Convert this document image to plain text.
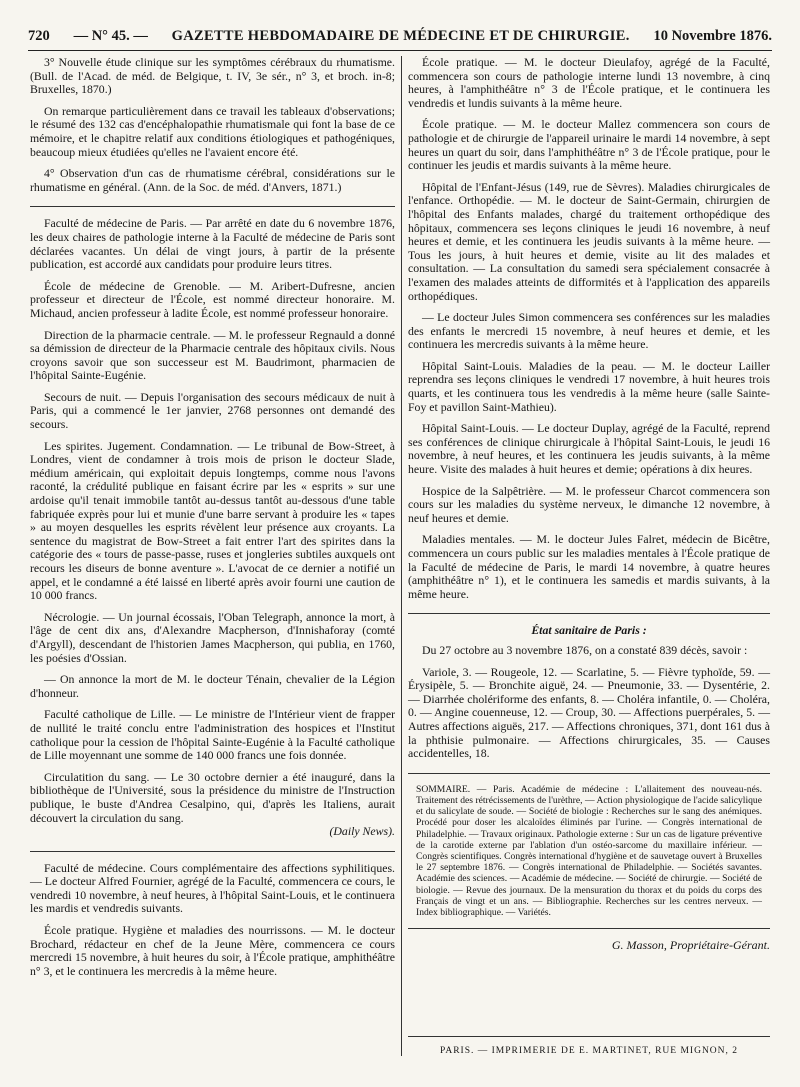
720 — N° 45. — GAZETTE HEBDOMADAIRE DE MÉDECINE ET DE CHIRURGIE. 10 Novembre 1876.

3° Nouvelle étude clinique sur les symptômes cérébraux du rhumatisme. (Bull. de l'Acad. de méd. de Belgique, t. IV, 3e sér., n° 3, et broch. in-8; Bruxelles, 1870.)

On remarque particulièrement dans ce travail les tableaux d'observations; le résumé des 132 cas d'encéphalopathie rhumatismale qui font la base de ce mémoire, et le chapitre relatif aux conditions étiologiques et pathogéniques, beaucoup mieux étudiées qu'elles ne l'avaient encore été.

4° Observation d'un cas de rhumatisme cérébral, considérations sur le rhumatisme en général. (Ann. de la Soc. de méd. d'Anvers, 1871.)

Faculté de médecine de Paris. — Par arrêté en date du 6 novembre 1876, les deux chaires de pathologie interne à la Faculté de médecine de Paris sont déclarées vacantes. Un délai de vingt jours, à partir de la présente publication, est accordé aux candidats pour produire leurs titres.

École de médecine de Grenoble. — M. Aribert-Dufresne, ancien professeur et directeur de l'École, est nommé directeur honoraire. M. Michaud, ancien professeur à ladite École, est nommé professeur honoraire.

Direction de la pharmacie centrale. — M. le professeur Regnauld a donné sa démission de directeur de la Pharmacie centrale des hôpitaux civils. Nous croyons savoir que son successeur est M. Baudrimont, pharmacien de l'hôpital Sainte-Eugénie.

Secours de nuit. — Depuis l'organisation des secours médicaux de nuit à Paris, qui a commencé le 1er janvier, 2768 personnes ont demandé des secours.

Les spirites. Jugement. Condamnation. — Le tribunal de Bow-Street, à Londres, vient de condamner à trois mois de prison le docteur Slade, médium américain, qui exploitait depuis longtemps, comme nous l'avons raconté, la crédulité publique en faisant écrire par les « esprits » sur une ardoise qu'il tenait immobile tantôt au-dessus tantôt au-dessous d'une table fabriquée exprès pour lui et munie d'une barre servant à produire les « tapes » au moyen desquelles les esprits révèlent leur présence aux croyants. La sentence du magistrat de Bow-Street a fait entrer l'art des spirites dans la catégorie des « tours de passe-passe, ruses et jongleries subtiles auxquels ont recours les diseurs de bonne aventure ». L'avocat de ce dernier a notifié un appel, et le condamné a été laissé en liberté après avoir fourni une caution de 10 000 francs.

Nécrologie. — Un journal écossais, l'Oban Telegraph, annonce la mort, à l'âge de cent dix ans, d'Alexandre Macpherson, d'Innishaforay (comté d'Argyll), descendant de l'historien James Macpherson, qui publia, en 1760, les poésies d'Ossian.

— On annonce la mort de M. le docteur Ténain, chevalier de la Légion d'honneur.

Faculté catholique de Lille. — Le ministre de l'Intérieur vient de frapper de nullité le traité conclu entre l'administration des hospices et l'Institut catholique pour la cession de l'hôpital Sainte-Eugénie à la Faculté catholique de Lille moyennant une somme de 140 000 francs une fois donnée.

Circulatition du sang. — Le 30 octobre dernier a été inauguré, dans la bibliothèque de l'Université, sous la présidence du ministre de l'Instruction publique, le buste d'Andrea Cesalpino, qui, d'après les Italiens, aurait découvert la circulation du sang.

(Daily News).

Faculté de médecine. Cours complémentaire des affections syphilitiques. — Le docteur Alfred Fournier, agrégé de la Faculté, commencera ce cours, le vendredi 10 novembre, à neuf heures, à l'hôpital Saint-Louis, et le continuera les mardis et vendredis suivants.

École pratique. Hygiène et maladies des nourrissons. — M. le docteur Brochard, rédacteur en chef de la Jeune Mère, commencera ce cours mercredi 15 novembre, à huit heures du soir, à l'École pratique, amphithéâtre n° 3, et le continuera les mercredis à la même heure.

École pratique. — M. le docteur Dieulafoy, agrégé de la Faculté, commencera son cours de pathologie interne lundi 13 novembre, à cinq heures, à l'amphithéâtre n° 3 de l'École pratique, et le continuera les vendredis et lundis suivants à la même heure.

École pratique. — M. le docteur Mallez commencera son cours de pathologie et de chirurgie de l'appareil urinaire le mardi 14 novembre, à sept heures un quart du soir, dans l'amphithéâtre n° 3 de l'École pratique, pour le continuer les jeudis et mardis suivants à la même heure.

Hôpital de l'Enfant-Jésus (149, rue de Sèvres). Maladies chirurgicales de l'enfance. Orthopédie. — M. le docteur de Saint-Germain, chirurgien de l'hôpital des Enfants malades, chargé du traitement orthopédique des hôpitaux, commencera ses leçons cliniques le jeudi 16 novembre, à neuf heures et demie, et les continuera les jeudis suivants à la même heure. — Tous les jours, à huit heures et demie, visite au lit des malades et consultation. — La consultation du samedi sera spécialement consacrée à l'examen des malades atteints de difformités et à l'application des appareils orthopédiques.

— Le docteur Jules Simon commencera ses conférences sur les maladies des enfants le mercredi 15 novembre, à neuf heures et demie, et les continuera les mercredis suivants à la même heure.

Hôpital Saint-Louis. Maladies de la peau. — M. le docteur Lailler reprendra ses leçons cliniques le vendredi 17 novembre, à huit heures trois quarts, et les continuera tous les vendredis à la même heure (salle Sainte-Foy et pavillon Saint-Mathieu).

Hôpital Saint-Louis. — Le docteur Duplay, agrégé de la Faculté, reprend ses conférences de clinique chirurgicale à l'hôpital Saint-Louis, le jeudi 16 novembre, à neuf heures, et les continuera les jeudis suivants, à la même heure. Visite des malades à huit heures et demie; opérations à dix heures.

Hospice de la Salpêtrière. — M. le professeur Charcot commencera son cours sur les maladies du système nerveux, le dimanche 12 novembre, à neuf heures et demie.

Maladies mentales. — M. le docteur Jules Falret, médecin de Bicêtre, commencera un cours public sur les maladies mentales à l'École pratique de la Faculté de médecine de Paris, le mardi 14 novembre, à quatre heures (amphithéâtre n° 1), et le continuera les samedis et mardis suivants, à la même heure.

État sanitaire de Paris :

Du 27 octobre au 3 novembre 1876, on a constaté 839 décès, savoir :

Variole, 3. — Rougeole, 12. — Scarlatine, 5. — Fièvre typhoïde, 59. — Érysipèle, 5. — Bronchite aiguë, 24. — Pneumonie, 33. — Dysentérie, 2. — Diarrhée cholériforme des enfants, 8. — Choléra infantile, 0. — Choléra, 0. — Angine couenneuse, 12. — Croup, 30. — Affections puerpérales, 5. — Autres affections aiguës, 217. — Affections chroniques, 371, dont 161 dus à la phthisie pulmonaire. — Affections chirurgicales, 35. — Causes accidentelles, 18.

SOMMAIRE. — Paris. Académie de médecine : L'allaitement des nouveau-nés. Traitement des rétrécissements de l'urèthre, — Action physiologique de l'acide salicylique et du salicylate de soude. — Société de biologie : Recherches sur le sang des anémiques. Procédé pour doser les alcaloïdes éliminés par l'urine. — Congrès international de Philadelphie. — Travaux originaux. Pathologie externe : Sur un cas de ligature préventive de la carotide externe par l'ablation d'un ostéo-sarcome du maxillaire inférieur. — Congrès scientifiques. Congrès international d'hygiène et de sauvetage ouvert à Bruxelles le 27 septembre 1876. — Congrès international de Philadelphie. — Sociétés savantes. Académie des sciences. — Académie de médecine. — Société de chirurgie. — Société de biologie. — Revue des journaux. De la mensuration du thorax et du poids du corps des Français de vingt et un ans. — Bibliographie. Recherches sur les centres nerveux. — Index bibliographique. — Variétés.

G. Masson, Propriétaire-Gérant.

PARIS. — IMPRIMERIE DE E. MARTINET, RUE MIGNON, 2
